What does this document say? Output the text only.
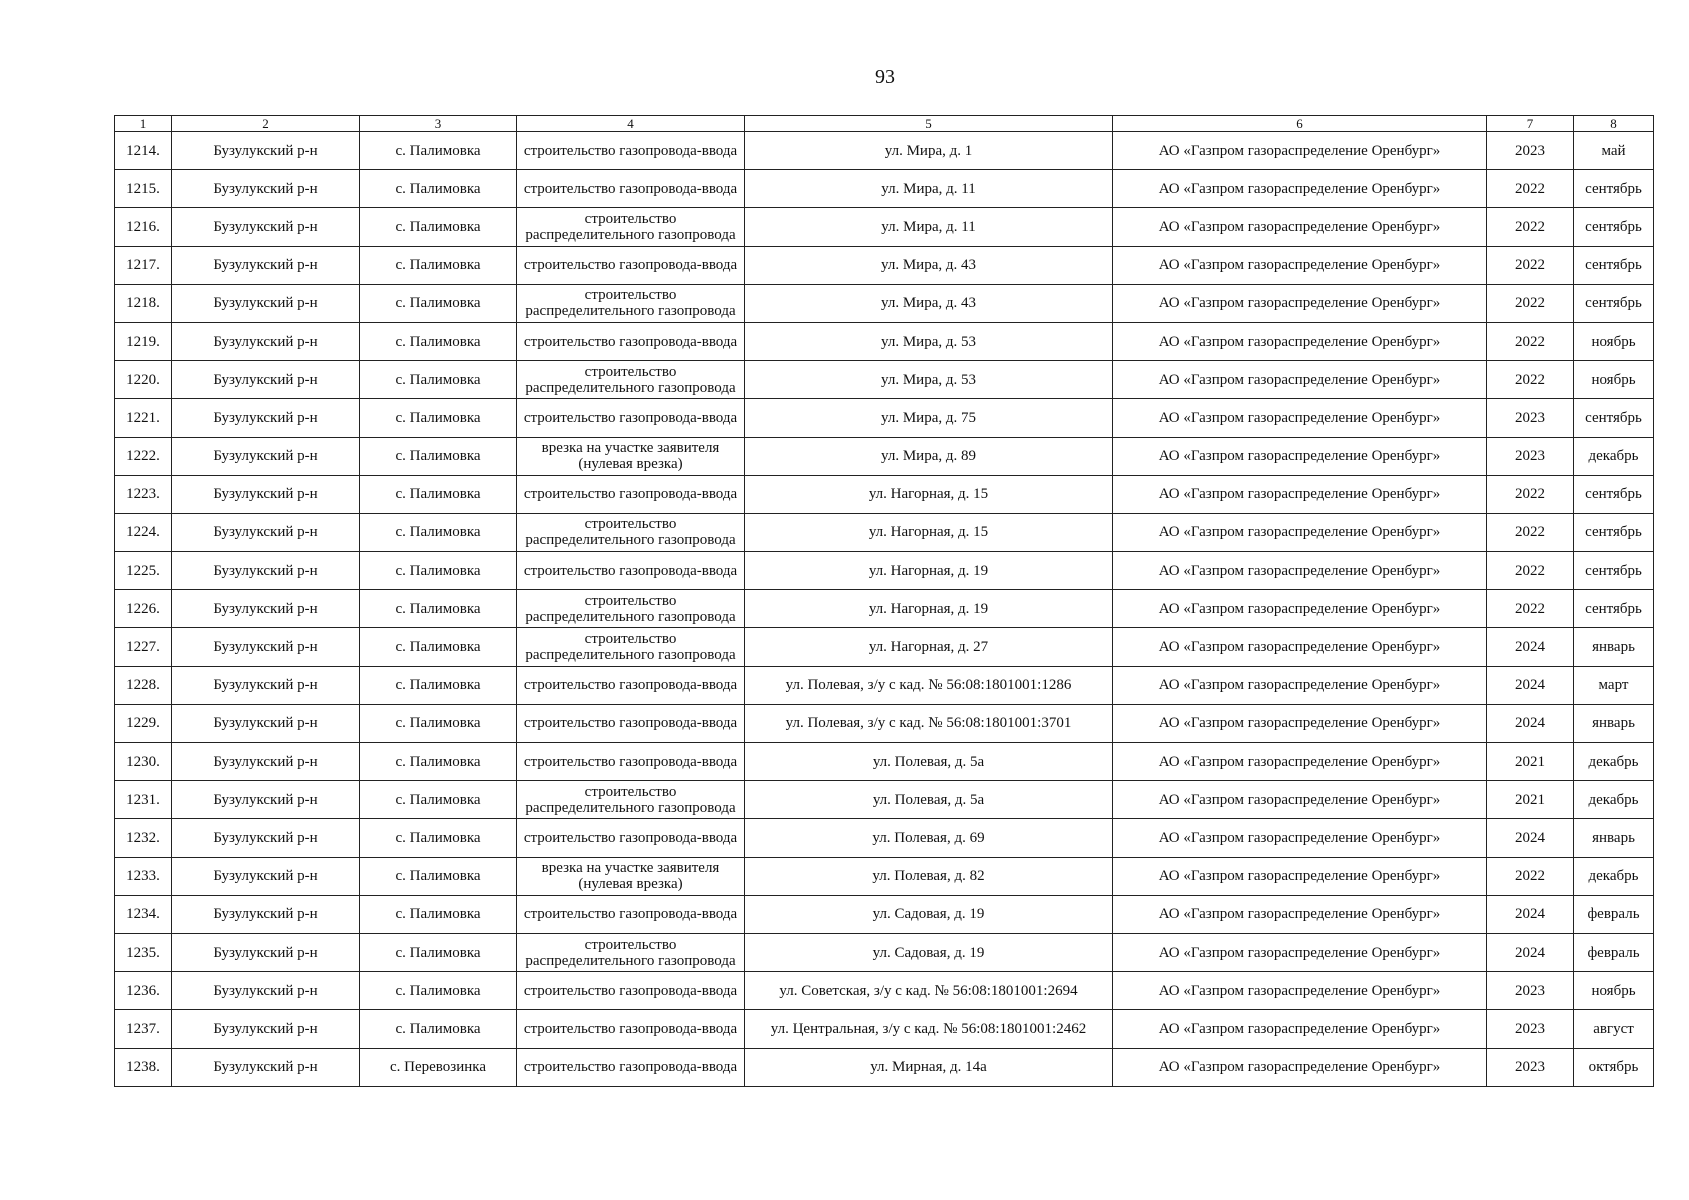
93
1	2	3	4	5	6	7	8
1214.	Бузулукский р-н	с. Палимовка	строительство газопровода-ввода	ул. Мира, д. 1	АО «Газпром газораспределение Оренбург»	2023	май
1215.	Бузулукский р-н	с. Палимовка	строительство газопровода-ввода	ул. Мира, д. 11	АО «Газпром газораспределение Оренбург»	2022	сентябрь
1216.	Бузулукский р-н	с. Палимовка	строительство распределительного газопровода	ул. Мира, д. 11	АО «Газпром газораспределение Оренбург»	2022	сентябрь
1217.	Бузулукский р-н	с. Палимовка	строительство газопровода-ввода	ул. Мира, д. 43	АО «Газпром газораспределение Оренбург»	2022	сентябрь
1218.	Бузулукский р-н	с. Палимовка	строительство распределительного газопровода	ул. Мира, д. 43	АО «Газпром газораспределение Оренбург»	2022	сентябрь
1219.	Бузулукский р-н	с. Палимовка	строительство газопровода-ввода	ул. Мира, д. 53	АО «Газпром газораспределение Оренбург»	2022	ноябрь
1220.	Бузулукский р-н	с. Палимовка	строительство распределительного газопровода	ул. Мира, д. 53	АО «Газпром газораспределение Оренбург»	2022	ноябрь
1221.	Бузулукский р-н	с. Палимовка	строительство газопровода-ввода	ул. Мира, д. 75	АО «Газпром газораспределение Оренбург»	2023	сентябрь
1222.	Бузулукский р-н	с. Палимовка	врезка на участке заявителя (нулевая врезка)	ул. Мира, д. 89	АО «Газпром газораспределение Оренбург»	2023	декабрь
1223.	Бузулукский р-н	с. Палимовка	строительство газопровода-ввода	ул. Нагорная, д. 15	АО «Газпром газораспределение Оренбург»	2022	сентябрь
1224.	Бузулукский р-н	с. Палимовка	строительство распределительного газопровода	ул. Нагорная, д. 15	АО «Газпром газораспределение Оренбург»	2022	сентябрь
1225.	Бузулукский р-н	с. Палимовка	строительство газопровода-ввода	ул. Нагорная, д. 19	АО «Газпром газораспределение Оренбург»	2022	сентябрь
1226.	Бузулукский р-н	с. Палимовка	строительство распределительного газопровода	ул. Нагорная, д. 19	АО «Газпром газораспределение Оренбург»	2022	сентябрь
1227.	Бузулукский р-н	с. Палимовка	строительство распределительного газопровода	ул. Нагорная, д. 27	АО «Газпром газораспределение Оренбург»	2024	январь
1228.	Бузулукский р-н	с. Палимовка	строительство газопровода-ввода	ул. Полевая, з/у с кад. № 56:08:1801001:1286	АО «Газпром газораспределение Оренбург»	2024	март
1229.	Бузулукский р-н	с. Палимовка	строительство газопровода-ввода	ул. Полевая, з/у с кад. № 56:08:1801001:3701	АО «Газпром газораспределение Оренбург»	2024	январь
1230.	Бузулукский р-н	с. Палимовка	строительство газопровода-ввода	ул. Полевая, д. 5а	АО «Газпром газораспределение Оренбург»	2021	декабрь
1231.	Бузулукский р-н	с. Палимовка	строительство распределительного газопровода	ул. Полевая, д. 5а	АО «Газпром газораспределение Оренбург»	2021	декабрь
1232.	Бузулукский р-н	с. Палимовка	строительство газопровода-ввода	ул. Полевая, д. 69	АО «Газпром газораспределение Оренбург»	2024	январь
1233.	Бузулукский р-н	с. Палимовка	врезка на участке заявителя (нулевая врезка)	ул. Полевая, д. 82	АО «Газпром газораспределение Оренбург»	2022	декабрь
1234.	Бузулукский р-н	с. Палимовка	строительство газопровода-ввода	ул. Садовая, д. 19	АО «Газпром газораспределение Оренбург»	2024	февраль
1235.	Бузулукский р-н	с. Палимовка	строительство распределительного газопровода	ул. Садовая, д. 19	АО «Газпром газораспределение Оренбург»	2024	февраль
1236.	Бузулукский р-н	с. Палимовка	строительство газопровода-ввода	ул. Советская, з/у с кад. № 56:08:1801001:2694	АО «Газпром газораспределение Оренбург»	2023	ноябрь
1237.	Бузулукский р-н	с. Палимовка	строительство газопровода-ввода	ул. Центральная, з/у с кад. № 56:08:1801001:2462	АО «Газпром газораспределение Оренбург»	2023	август
1238.	Бузулукский р-н	с. Перевозинка	строительство газопровода-ввода	ул. Мирная, д. 14а	АО «Газпром газораспределение Оренбург»	2023	октябрь
